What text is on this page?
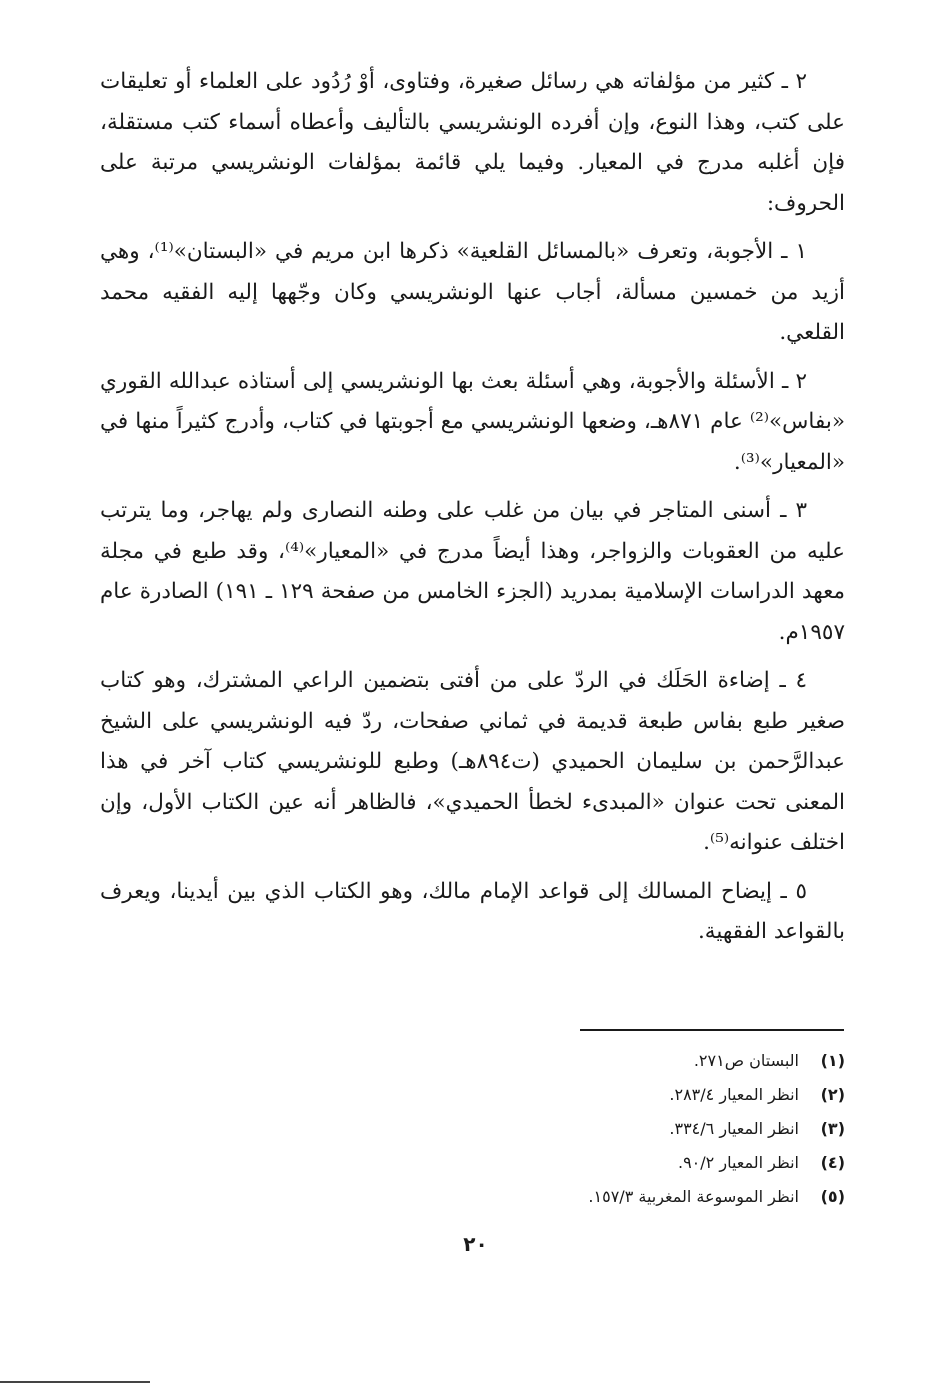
٢ ـ كثير من مؤلفاته هي رسائل صغيرة، وفتاوى، أوْ رُدُود على العلماء أو تعليقات على كتب، وهذا النوع، وإن أفرده الونشريسي بالتأليف وأعطاه أسماء كتب مستقلة، فإن أغلبه مدرج في المعيار. وفيما يلي قائمة بمؤلفات الونشريسي مرتبة على الحروف:

١ ـ الأجوبة، وتعرف «بالمسائل القلعية» ذكرها ابن مريم في «البستان»⁽¹⁾، وهي أزيد من خمسين مسألة، أجاب عنها الونشريسي وكان وجّهها إليه الفقيه محمد القلعي.

٢ ـ الأسئلة والأجوبة، وهي أسئلة بعث بها الونشريسي إلى أستاذه عبدالله القوري «بفاس»⁽²⁾ عام ٨٧١هـ، وضعها الونشريسي مع أجوبتها في كتاب، وأدرج كثيراً منها في «المعيار»⁽³⁾.

٣ ـ أسنى المتاجر في بيان من غلب على وطنه النصارى ولم يهاجر، وما يترتب عليه من العقوبات والزواجر، وهذا أيضاً مدرج في «المعيار»⁽⁴⁾، وقد طبع في مجلة معهد الدراسات الإسلامية بمدريد (الجزء الخامس من صفحة ١٢٩ ـ ١٩١) الصادرة عام ١٩٥٧م.

٤ ـ إضاءة الحَلَك في الردّ على من أفتى بتضمين الراعي المشترك، وهو كتاب صغير طبع بفاس طبعة قديمة في ثماني صفحات، ردّ فيه الونشريسي على الشيخ عبدالرَّحمن بن سليمان الحميدي (ت٨٩٤هـ) وطبع للونشريسي كتاب آخر في هذا المعنى تحت عنوان «المبدىء لخطأ الحميدي»، فالظاهر أنه عين الكتاب الأول، وإن اختلف عنوانه⁽⁵⁾.

٥ ـ إيضاح المسالك إلى قواعد الإمام مالك، وهو الكتاب الذي بين أيدينا، ويعرف بالقواعد الفقهية.

(١)
البستان ص٢٧١.
(٢)
انظر المعيار ٢٨٣/٤.
(٣)
انظر المعيار ٣٣٤/٦.
(٤)
انظر المعيار ٩٠/٢.
(٥)
انظر الموسوعة المغربية ١٥٧/٣.
٢٠
